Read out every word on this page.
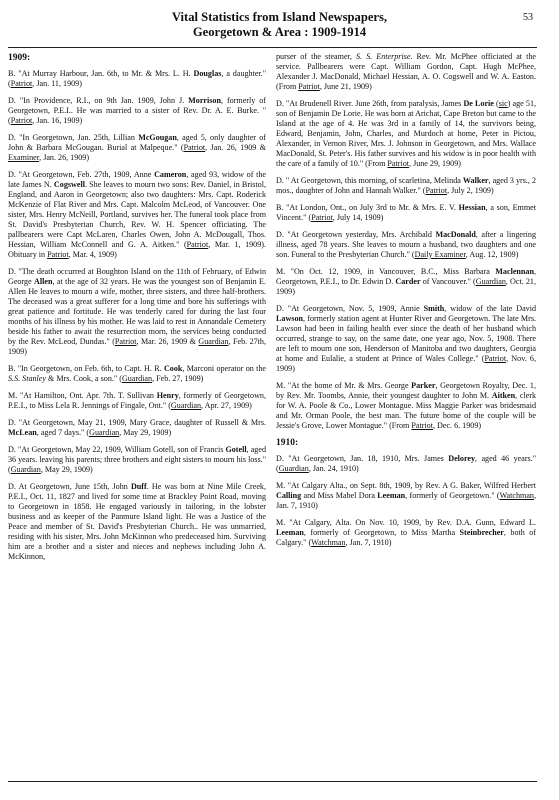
53
Vital Statistics from Island Newspapers,
Georgetown & Area : 1909-1914
1909:
B. "At Murray Harbour, Jan. 6th, to Mr. & Mrs. L. H. Douglas, a daughter." (Patriot, Jan. 11, 1909)
D. "In Providence, R.I., on 9th Jan. 1909, John J. Morrison, formerly of Georgetown, P.E.I.. He was married to a sister of Rev. Dr. A. E. Burke. " (Patriot, Jan. 16, 1909)
D. "In Georgetown, Jan. 25th, Lillian McGougan, aged 5, only daughter of John & Barbara McGougan. Burial at Malpeque." (Patriot, Jan. 26, 1909 & Examiner, Jan. 26, 1909)
D. "At Georgetown, Feb. 27th, 1909, Anne Cameron, aged 93, widow of the late James N. Cogswell. She leaves to mourn two sons: Rev. Daniel, in Bristol, England, and Aaron in Georgetown; also two daughters: Mrs. Capt. Roderick McKenzie of Flat River and Mrs. Capt. Malcolm McLeod, of Vancouver. One sister, Mrs. Henry McNeill, Portland, survives her. The funeral took place from St. David's Presbyterian Church, Rev. W. H. Spencer officiating. The pallbearers were Capt McLaren, Charles Owen, John A. McDougall, Thos. Hessian, William McConnell and G. A. Aitken." (Patriot, Mar. 1, 1909). Obituary in Patriot, Mar. 4, 1909)
D. "The death occurred at Boughton Island on the 11th of February, of Edwin George Allen, at the age of 32 years. He was the youngest son of Benjamin E. Allen He leaves to mourn a wife, mother, three sisters, and three half-brothers. The deceased was a great sufferer for a long time and bore his sufferings with great patience and fortitude. He was tenderly cared for during the last four months of his illness by his mother. He was laid to rest in Annandale Cemetery beside his father to await the resurrection morn, the services being conducted by the Rev. McLeod, Dundas." (Patriot, Mar. 26, 1909 & Guardian, Feb. 27th, 1909)
B. "In Georgetown, on Feb. 6th, to Capt. H. R. Cook, Marconi operator on the S.S. Stanley & Mrs. Cook, a son." (Guardian, Feb. 27, 1909)
M. "At Hamilton, Ont. Apr. 7th. T. Sullivan Henry, formerly of Georgetown, P.E.I., to Miss Lela R. Jennings of Fingale, Ont." (Guardian, Apr. 27, 1909)
D. "At Georgetown, May 21, 1909, Mary Grace, daughter of Russell & Mrs. McLean, aged 7 days." (Guardian, May 29, 1909)
D. "At Georgetown, May 22, 1909, William Gotell, son of Francis Gotell, aged 36 years. leaving his parents; three brothers and eight sisters to mourn his loss." (Guardian, May 29, 1909)
D. At Georgetown, June 15th, John Duff. He was born at Nine Mile Creek, P.E.I., Oct. 11, 1827 and lived for some time at Brackley Point Road, moving to Georgetown in 1858. He engaged variously in tailoring, in the lobster business and as keeper of the Panmure Island light. He was a Justice of the Peace and member of St. David's Presbyterian Church.. He was unmarried, residing with his sister, Mrs. John McKinnon who predeceased him. Surviving him are a brother and a sister and nieces and nephews including John A. McKinnon,
purser of the steamer, S. S. Enterprise. Rev. Mr. McPhee officiated at the service. Pallbearers were Capt. William Gordon, Capt. Hugh McPhee, Alexander J. MacDonald, Michael Hessian, A. O. Cogswell and W. A. Easton. (From Patriot, June 21, 1909)
D. "At Brudenell River. June 26th, from paralysis, James De Lorie (sic) age 51, son of Benjamin De Lorie. He was born at Arichat, Cape Breton but came to the Island at the age of 4. He was 3rd in a family of 14, the survivors being, Edward, Benjamin, John, Charles, and Murdoch at home, Peter in Pictou, Alexander, in Vernon River, Mrs. J. Johnson in Georgetown, and Mrs. Wallace MacDonald, St. Peter's. His father survives and his widow is in poor health with the care of a family of 10." (From Patriot, June 29, 1909)
D. " At Georgetown, this morning, of scarletina, Melinda Walker, aged 3 yrs., 2 mos., daughter of John and Hannah Walker." (Patriot, July 2, 1909)
B. "At London, Ont., on July 3rd to Mr. & Mrs. E. V. Hessian, a son, Emmet Vincent." (Patriot, July 14, 1909)
D. "At Georgetown yesterday, Mrs. Archibald MacDonald, after a lingering illness, aged 78 years. She leaves to mourn a husband, two daughters and one son. Funeral to the Presbyterian Church." (Daily Examiner, Aug. 12, 1909)
M. "On Oct. 12, 1909, in Vancouver, B.C., Miss Barbara Maclennan, Georgetown, P.E.I., to Dr. Edwin D. Carder of Vancouver." (Guardian, Oct. 21, 1909)
D. "At Georgetown, Nov. 5, 1909, Annie Smith, widow of the late David Lawson, formerly station agent at Hunter River and Georgetown. The late Mrs. Lawson had been in failing health ever since the death of her husband which occurred, strange to say, on the same date, one year ago, Nov. 5, 1908. There are left to mourn one son, Henderson of Manitoba and two daughters, Georgia at home and Eulalie, a student at Prince of Wales College." (Patriot, Nov. 6, 1909)
M. "At the home of Mr. & Mrs. George Parker, Georgetown Royalty, Dec. 1, by Rev. Mr. Toombs, Annie, their youngest daughter to John M. Aitken, clerk for W. A. Poole & Co., Lower Montague. Miss Maggie Parker was bridesmaid and Mr. Orman Poole, the best man. The future home of the couple will be Jessie's Grove, Lower Montague." (From Patriot, Dec. 6. 1909)
1910:
D. "At Georgetown, Jan. 18, 1910, Mrs. James Delorey, aged 46 years." (Guardian, Jan. 24, 1910)
M. "At Calgary Alta., on Sept. 8th, 1909, by Rev. A G. Baker, Wilfred Herbert Calling and Miss Mabel Dora Leeman, formerly of Georgetown." (Watchman, Jan. 7, 1910)
M. "At Calgary, Alta. On Nov. 10, 1909, by Rev. D.A. Gunn, Edward L. Leeman, formerly of Georgetown, to Miss Martha Steinbrecher, both of Calgary." (Watchman, Jan. 7, 1910)
